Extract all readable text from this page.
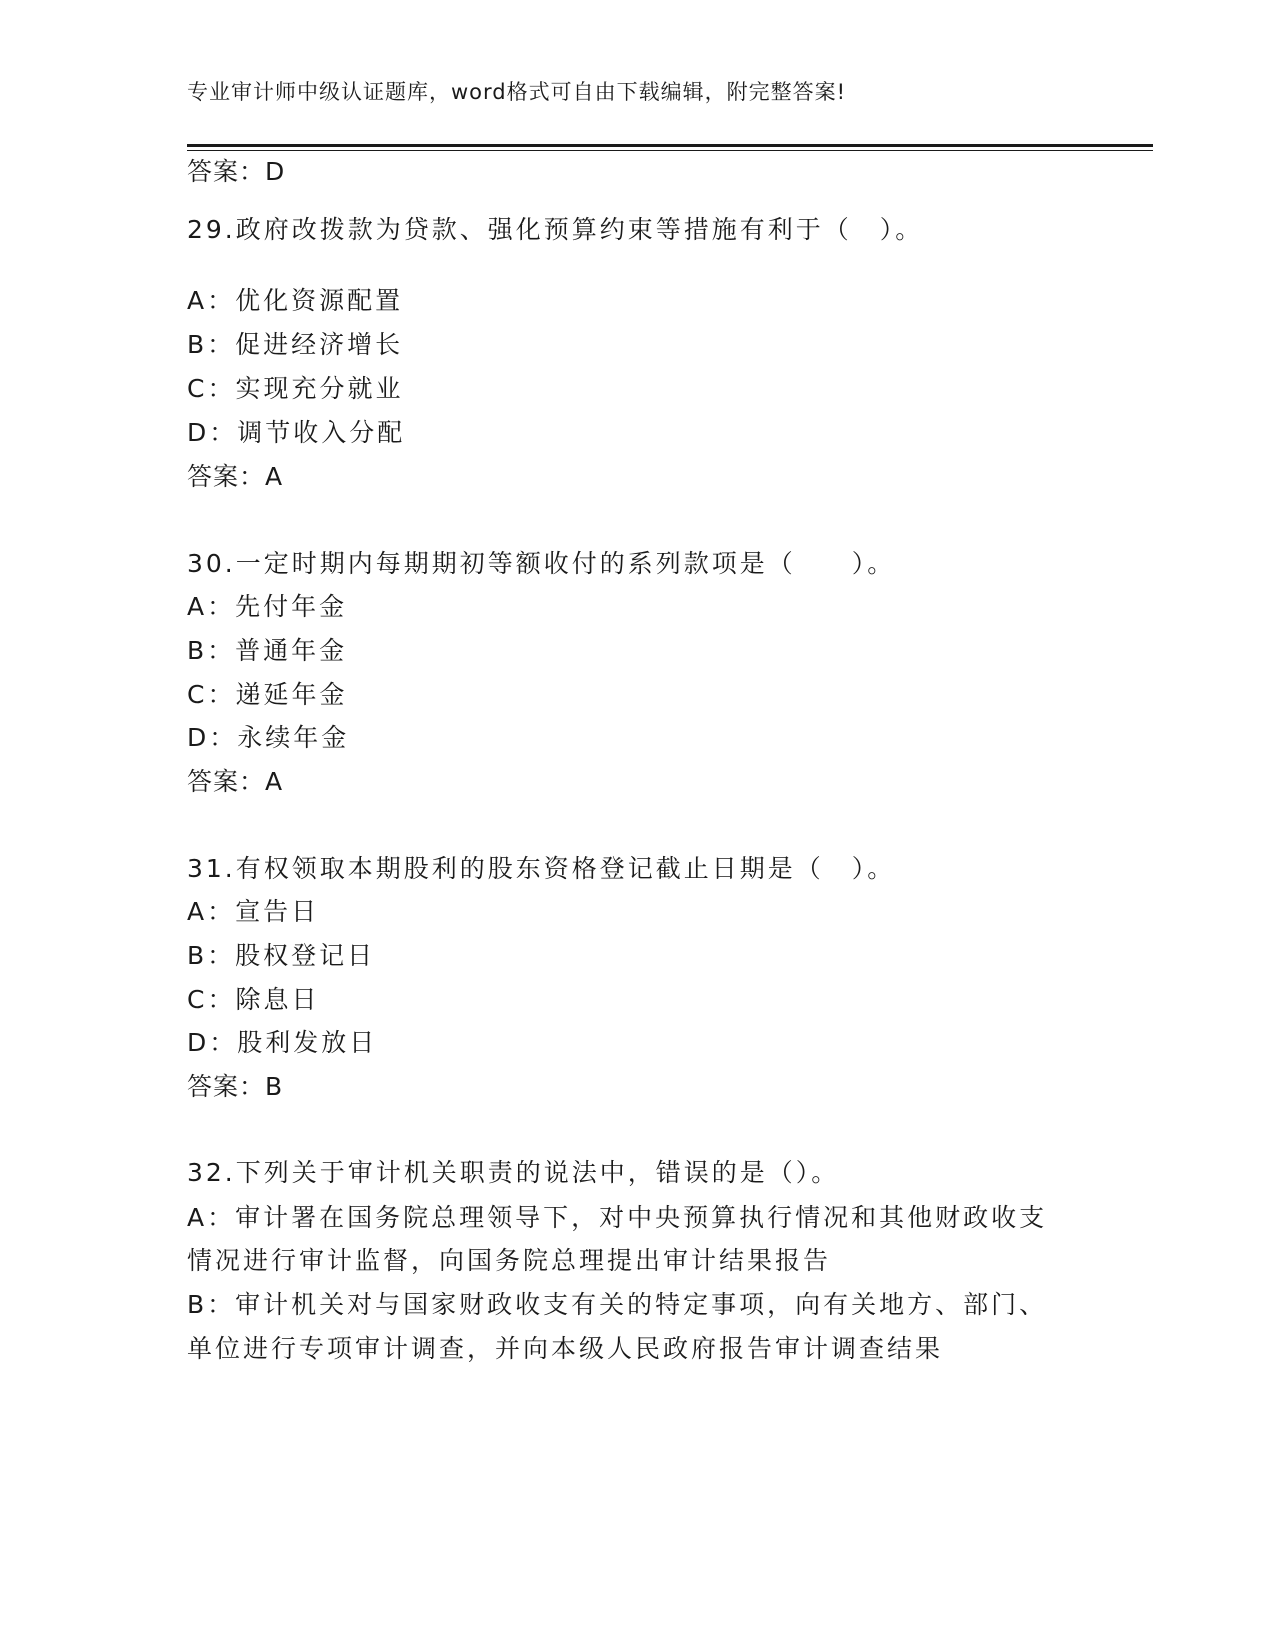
专业审计师中级认证题库，word格式可自由下载编辑，附完整答案!
答案：D
29.政府改拨款为贷款、强化预算约束等措施有利于（　）。
A：优化资源配置
B：促进经济增长
C：实现充分就业
D：调节收入分配
答案：A
30.一定时期内每期期初等额收付的系列款项是（　　）。
A：先付年金
B：普通年金
C：递延年金
D：永续年金
答案：A
31.有权领取本期股利的股东资格登记截止日期是（　）。
A：宣告日
B：股权登记日
C：除息日
D：股利发放日
答案：B
32.下列关于审计机关职责的说法中，错误的是（）。
A：审计署在国务院总理领导下，对中央预算执行情况和其他财政收支
情况进行审计监督，向国务院总理提出审计结果报告
B：审计机关对与国家财政收支有关的特定事项，向有关地方、部门、
单位进行专项审计调查，并向本级人民政府报告审计调查结果
